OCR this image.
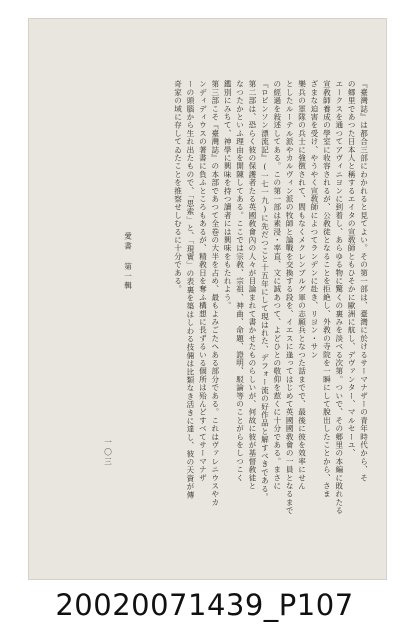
『臺灣誌』は都合三部にわかれると見てよい。その第一部は、臺灣に於けるサーマナザーの青年時代から、そ
の郷里であつた日本人と稱するエイタの宣敎師ともひそかに歐洲に航し、デヴァンター、マルセーユ、
エークスを通つてアヴィニヨンに到着し、あらゆる物に驚くの裏みを淡べる次第。ついで、その郷里の本編に敗れたる
宣敎師養成の學室に收容されるが、公敎徒となることを拒絶し、外敎の寺院を一瞬にして脫出したことから、さま
ざまな迫害を受け、やうやく宣敎師によつてランデンに赴き、リヨン・サン
樂兵の軍隊の兵士に強徴されて、間もなくメクレンブルグ軍の志願兵となつた話までで、最後に彼を效率にせん
としたルーテル派やカルヴィン派の牧師と論戰を交換する段を、イエスに逢ってはじめて英國國敎會の一員となるまで
の經過を敍述してある。この第一部は素浸・率直、文に誠あつて、よどひとの敬仰を惹くに十分である。まさに
『ロビンソン漂流記』(一七一九)に先だつこと十五年にして現はれた、デフォー流の好作品と解すべきである。
第二部は、恐らく彼の保護者たる英國敎會內の人々が目論まれて書かせたものらしいが、何故に彼が基督敎徒と
なつたかといふ理由を開陳してある。ここでは宗敎、宗祖、神曲、命題、證明、駁論等のことがらをしつこく
鑑別にみちて、神學に興味を持つ讀者には興味をもたれよう。
第三部こそ『臺灣誌』の本部であつて全卷の大半を占め、最もよみごたへある部分である。これはヴァレニウスやカ
ンディディウスの著書に負ふところもあるが、精敎日を奪ふ構想に長ずるいる個所は殆んどすべてサーマナザ
ーの頭腦から生れ出たもので、「思索」と、「現實」の表裏を築はしわる技倆は比類なき活きに達し、彼の天資が傳
奇家の域に存してゐたことを推察せしむるに十分である。
愛書 第一輯
一〇三
20020071439_P107
